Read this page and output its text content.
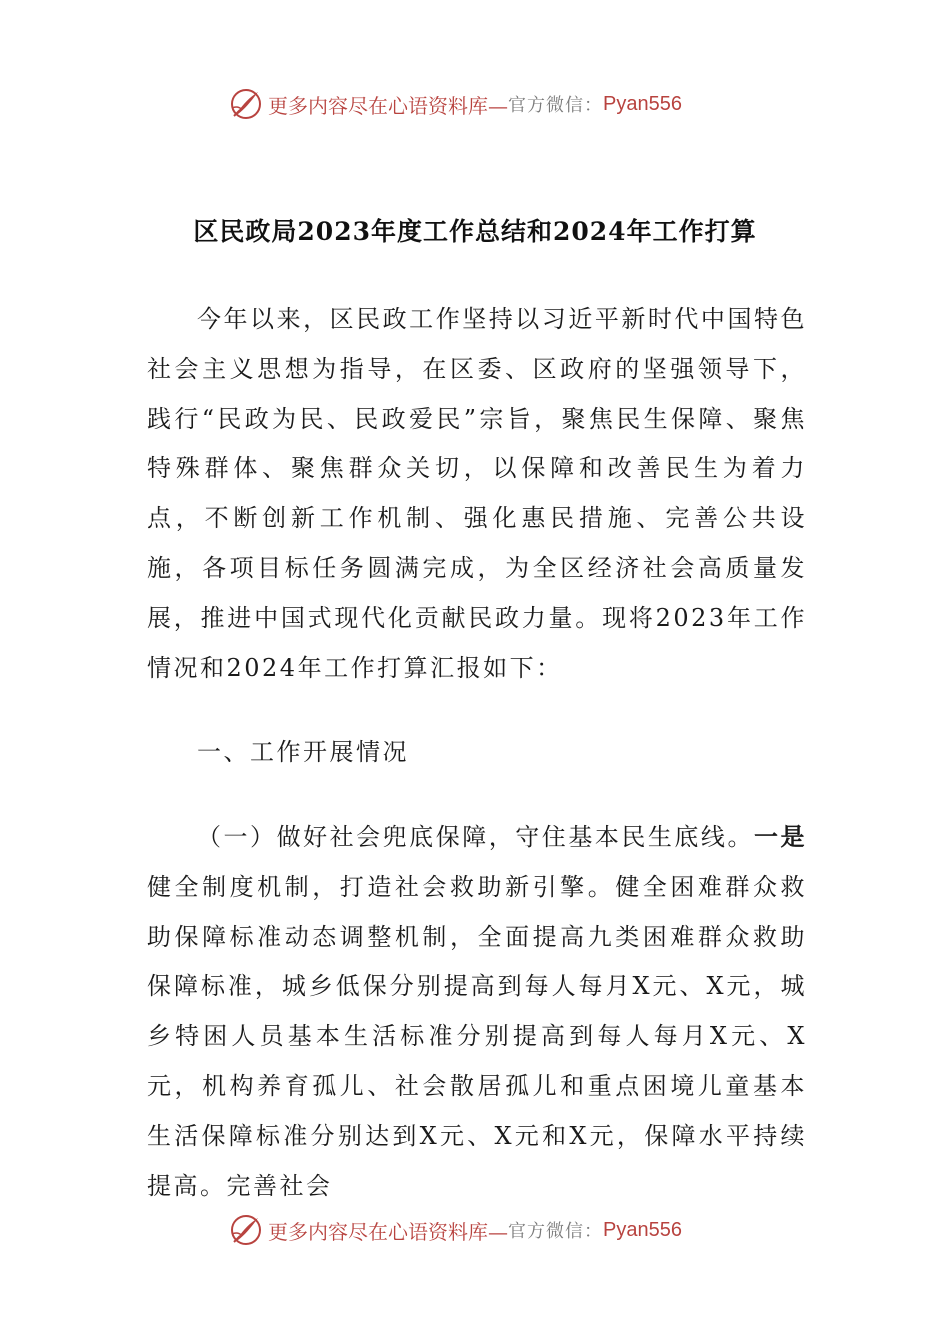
更多内容尽在心语资料库— 官方微信： Pyan556
区民政局2023年度工作总结和2024年工作打算

今年以来，区民政工作坚持以习近平新时代中国特色社会主义思想为指导，在区委、区政府的坚强领导下，践行“民政为民、民政爱民”宗旨，聚焦民生保障、聚焦特殊群体、聚焦群众关切，以保障和改善民生为着力点，不断创新工作机制、强化惠民措施、完善公共设施，各项目标任务圆满完成，为全区经济社会高质量发展，推进中国式现代化贡献民政力量。现将2023年工作情况和2024年工作打算汇报如下：

一、工作开展情况

（一）做好社会兜底保障，守住基本民生底线。一是健全制度机制，打造社会救助新引擎。健全困难群众救助保障标准动态调整机制，全面提高九类困难群众救助保障标准，城乡低保分别提高到每人每月X元、X元，城乡特困人员基本生活标准分别提高到每人每月X元、X元，机构养育孤儿、社会散居孤儿和重点困境儿童基本生活保障标准分别达到X元、X元和X元，保障水平持续提高。完善社会

更多内容尽在心语资料库— 官方微信： Pyan556
